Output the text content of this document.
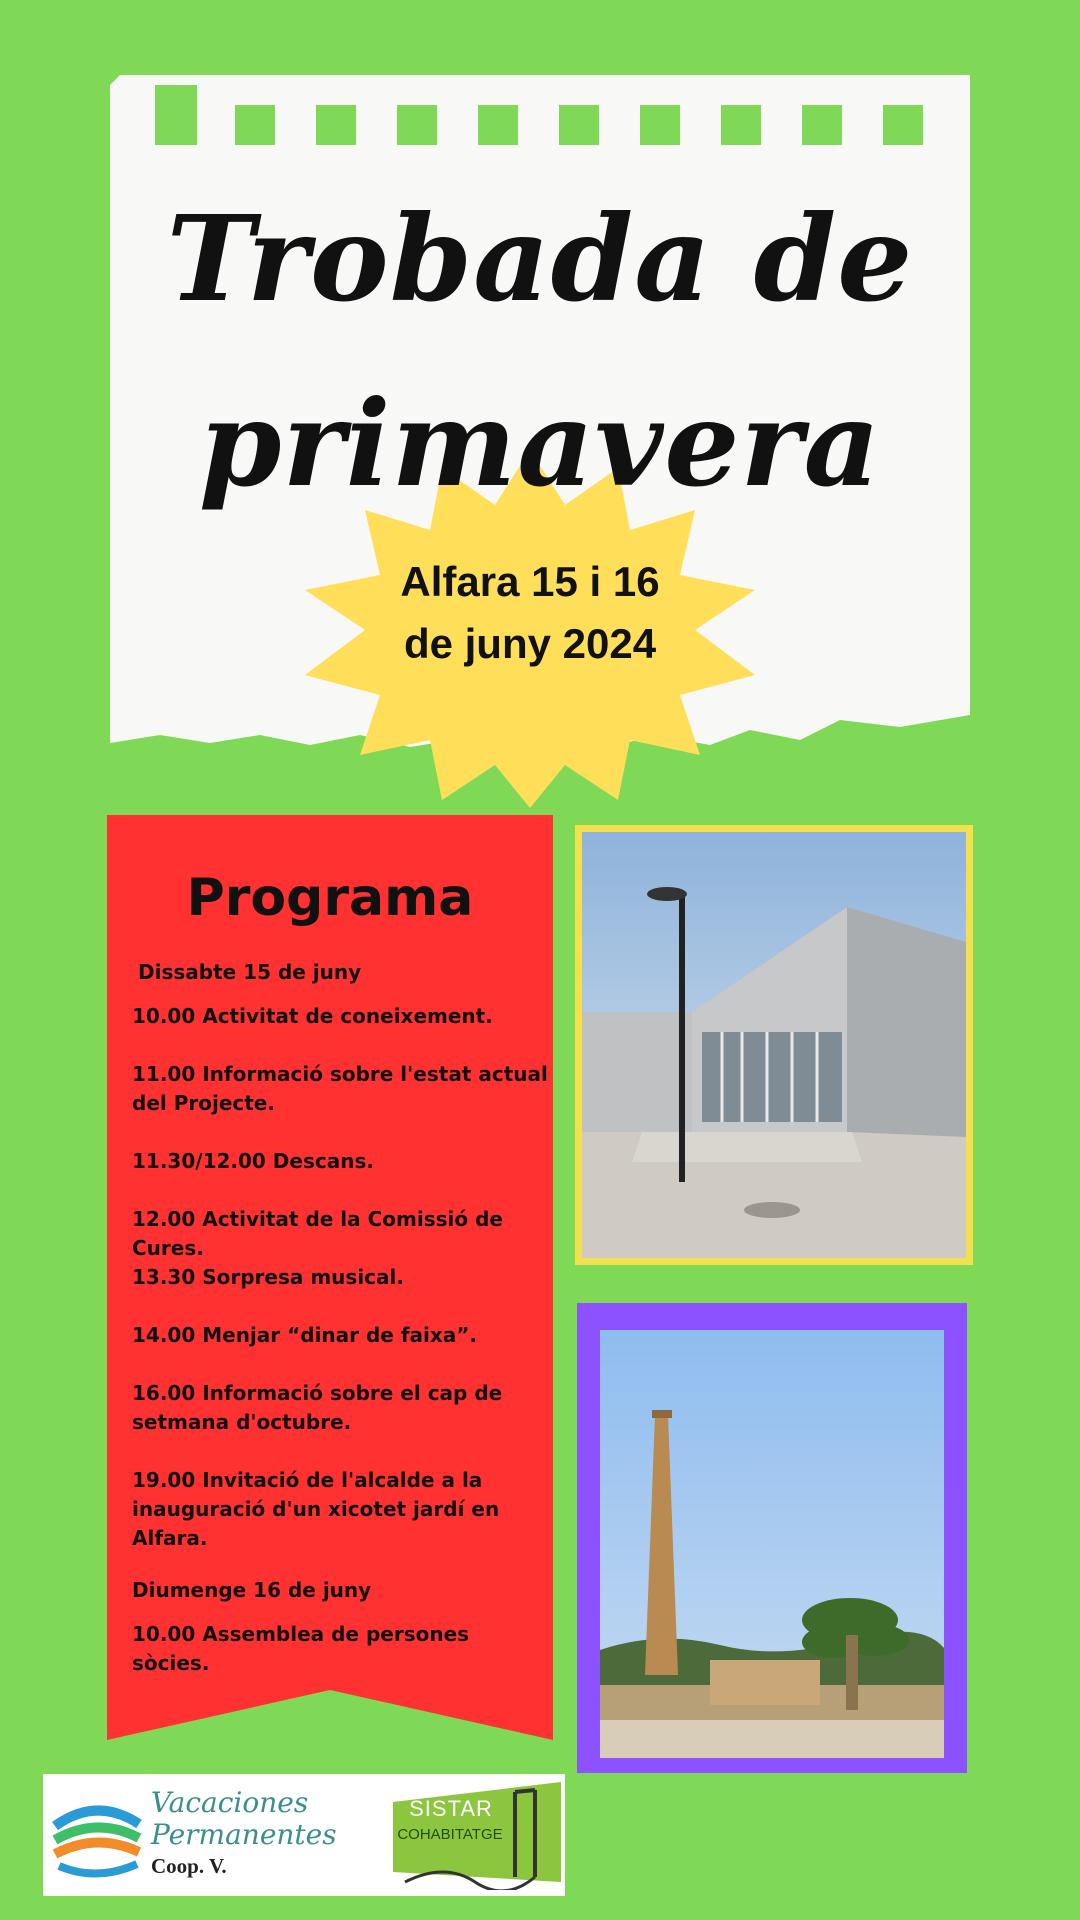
Trobada de
primavera
Alfara 15 i 16
de juny 2024
Programa
Dissabte 15 de juny
10.00 Activitat de coneixement.
11.00 Informació sobre l'estat actual del Projecte.
11.30/12.00 Descans.
12.00 Activitat de la Comissió de Cures.
13.30 Sorpresa musical.
14.00 Menjar “dinar de faixa”.
16.00 Informació sobre el cap de setmana d'octubre.
19.00 Invitació de l'alcalde a la inauguració d'un xicotet jardí en Alfara.
Diumenge 16 de juny
10.00 Assemblea de persones sòcies.
Vacaciones
Permanentes
Coop. V.
SISTAR
COHABITATGE
